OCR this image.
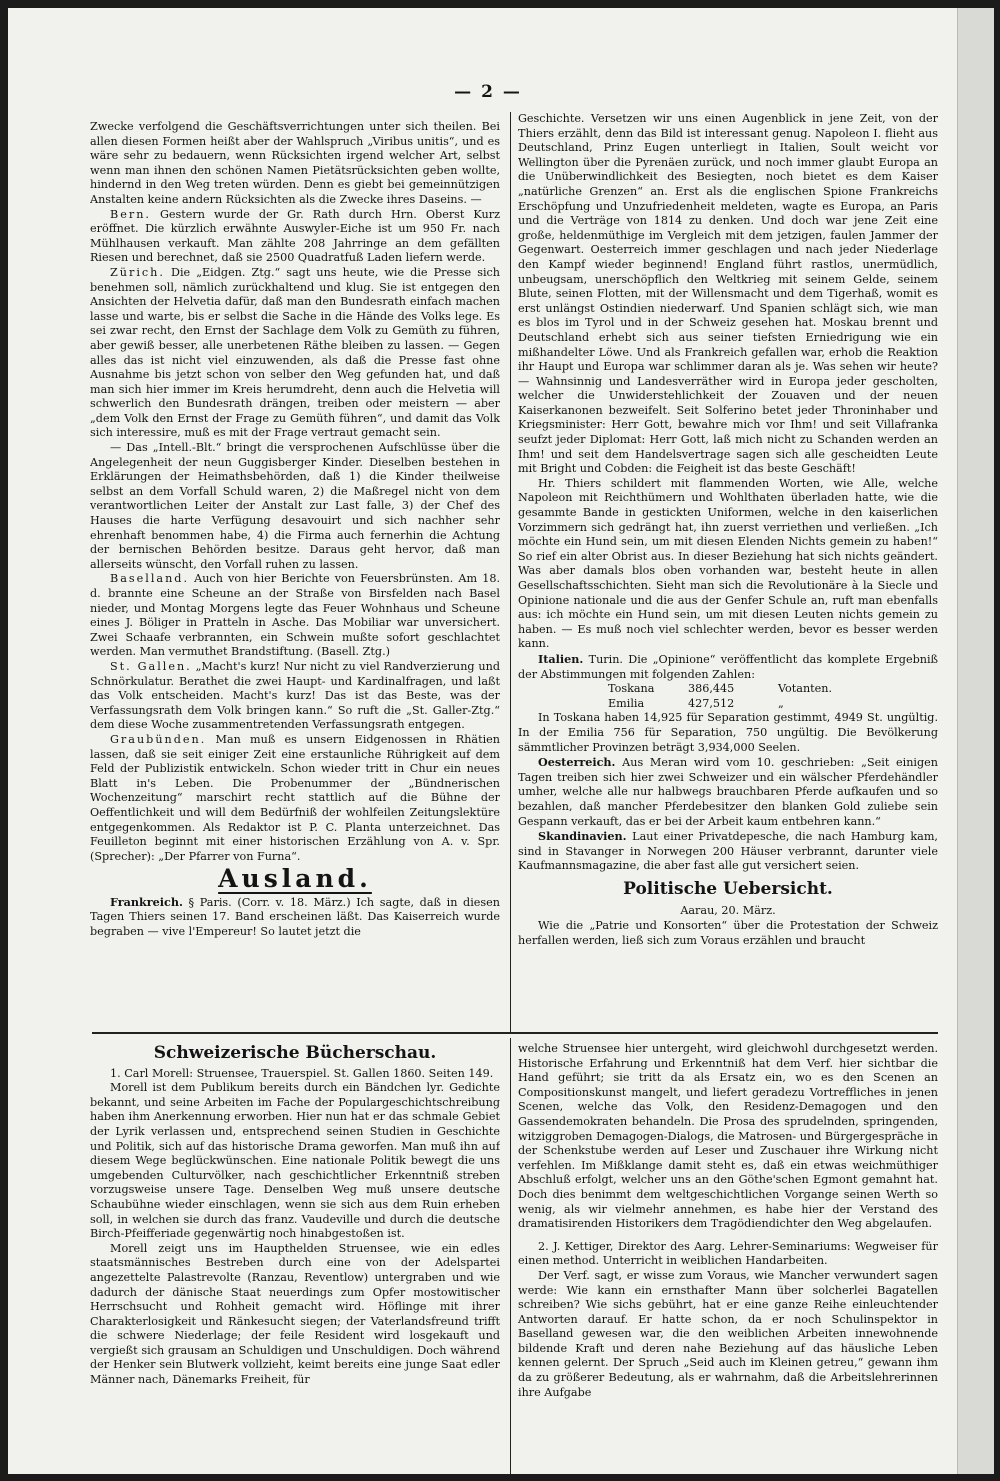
— 2 —

Zwecke verfolgend die Geschäftsverrichtungen unter sich theilen. Bei allen diesen Formen heißt aber der Wahlspruch „Viribus unitis“, und es wäre sehr zu bedauern, wenn Rücksichten irgend welcher Art, selbst wenn man ihnen den schönen Namen Pietätsrücksichten geben wollte, hindernd in den Weg treten würden. Denn es giebt bei gemeinnützigen Anstalten keine andern Rücksichten als die Zwecke ihres Daseins. —

Bern. Gestern wurde der Gr. Rath durch Hrn. Oberst Kurz eröffnet. Die kürzlich erwähnte Auswyler-Eiche ist um 950 Fr. nach Mühlhausen verkauft. Man zählte 208 Jahrringe an dem gefällten Riesen und berechnet, daß sie 2500 Quadratfuß Laden liefern werde.

Zürich. Die „Eidgen. Ztg.“ sagt uns heute, wie die Presse sich benehmen soll, nämlich zurückhaltend und klug. Sie ist entgegen den Ansichten der Helvetia dafür, daß man den Bundesrath einfach machen lasse und warte, bis er selbst die Sache in die Hände des Volks lege. Es sei zwar recht, den Ernst der Sachlage dem Volk zu Gemüth zu führen, aber gewiß besser, alle unerbetenen Räthe bleiben zu lassen. — Gegen alles das ist nicht viel einzuwenden, als daß die Presse fast ohne Ausnahme bis jetzt schon von selber den Weg gefunden hat, und daß man sich hier immer im Kreis herumdreht, denn auch die Helvetia will schwerlich den Bundesrath drängen, treiben oder meistern — aber „dem Volk den Ernst der Frage zu Gemüth führen“, und damit das Volk sich interessire, muß es mit der Frage vertraut gemacht sein.

— Das „Intell.-Blt.“ bringt die versprochenen Aufschlüsse über die Angelegenheit der neun Guggisberger Kinder. Dieselben bestehen in Erklärungen der Heimathsbehörden, daß 1) die Kinder theilweise selbst an dem Vorfall Schuld waren, 2) die Maßregel nicht von dem verantwortlichen Leiter der Anstalt zur Last falle, 3) der Chef des Hauses die harte Verfügung desavouirt und sich nachher sehr ehrenhaft benommen habe, 4) die Firma auch fernerhin die Achtung der bernischen Behörden besitze. Daraus geht hervor, daß man allerseits wünscht, den Vorfall ruhen zu lassen.

Baselland. Auch von hier Berichte von Feuersbrünsten. Am 18. d. brannte eine Scheune an der Straße von Birsfelden nach Basel nieder, und Montag Morgens legte das Feuer Wohnhaus und Scheune eines J. Böliger in Pratteln in Asche. Das Mobiliar war unversichert. Zwei Schaafe verbrannten, ein Schwein mußte sofort geschlachtet werden. Man vermuthet Brandstiftung. (Basell. Ztg.)

St. Gallen. „Macht's kurz! Nur nicht zu viel Randverzierung und Schnörkulatur. Berathet die zwei Haupt- und Kardinalfragen, und laßt das Volk entscheiden. Macht's kurz! Das ist das Beste, was der Verfassungsrath dem Volk bringen kann.“ So ruft die „St. Galler-Ztg.“ dem diese Woche zusammentretenden Verfassungsrath entgegen.

Graubünden. Man muß es unsern Eidgenossen in Rhätien lassen, daß sie seit einiger Zeit eine erstaunliche Rührigkeit auf dem Feld der Publizistik entwickeln. Schon wieder tritt in Chur ein neues Blatt in's Leben. Die Probenummer der „Bündnerischen Wochenzeitung“ marschirt recht stattlich auf die Bühne der Oeffentlichkeit und will dem Bedürfniß der wohlfeilen Zeitungslektüre entgegenkommen. Als Redaktor ist P. C. Planta unterzeichnet. Das Feuilleton beginnt mit einer historischen Erzählung von A. v. Spr. (Sprecher): „Der Pfarrer von Furna“.

Ausland.

Frankreich. § Paris. (Corr. v. 18. März.) Ich sagte, daß in diesen Tagen Thiers seinen 17. Band erscheinen läßt. Das Kaiserreich wurde begraben — vive l'Empereur! So lautet jetzt die

Geschichte. Versetzen wir uns einen Augenblick in jene Zeit, von der Thiers erzählt, denn das Bild ist interessant genug. Napoleon I. flieht aus Deutschland, Prinz Eugen unterliegt in Italien, Soult weicht vor Wellington über die Pyrenäen zurück, und noch immer glaubt Europa an die Unüberwindlichkeit des Besiegten, noch bietet es dem Kaiser „natürliche Grenzen“ an. Erst als die englischen Spione Frankreichs Erschöpfung und Unzufriedenheit meldeten, wagte es Europa, an Paris und die Verträge von 1814 zu denken. Und doch war jene Zeit eine große, heldenmüthige im Vergleich mit dem jetzigen, faulen Jammer der Gegenwart. Oesterreich immer geschlagen und nach jeder Niederlage den Kampf wieder beginnend! England führt rastlos, unermüdlich, unbeugsam, unerschöpflich den Weltkrieg mit seinem Gelde, seinem Blute, seinen Flotten, mit der Willensmacht und dem Tigerhaß, womit es erst unlängst Ostindien niederwarf. Und Spanien schlägt sich, wie man es blos im Tyrol und in der Schweiz gesehen hat. Moskau brennt und Deutschland erhebt sich aus seiner tiefsten Erniedrigung wie ein mißhandelter Löwe. Und als Frankreich gefallen war, erhob die Reaktion ihr Haupt und Europa war schlimmer daran als je. Was sehen wir heute? — Wahnsinnig und Landesverräther wird in Europa jeder gescholten, welcher die Unwiderstehlichkeit der Zouaven und der neuen Kaiserkanonen bezweifelt. Seit Solferino betet jeder Throninhaber und Kriegsminister: Herr Gott, bewahre mich vor Ihm! und seit Villafranka seufzt jeder Diplomat: Herr Gott, laß mich nicht zu Schanden werden an Ihm! und seit dem Handelsvertrage sagen sich alle gescheidten Leute mit Bright und Cobden: die Feigheit ist das beste Geschäft!

Hr. Thiers schildert mit flammenden Worten, wie Alle, welche Napoleon mit Reichthümern und Wohlthaten überladen hatte, wie die gesammte Bande in gestickten Uniformen, welche in den kaiserlichen Vorzimmern sich gedrängt hat, ihn zuerst verriethen und verließen. „Ich möchte ein Hund sein, um mit diesen Elenden Nichts gemein zu haben!“ So rief ein alter Obrist aus. In dieser Beziehung hat sich nichts geändert. Was aber damals blos oben vorhanden war, besteht heute in allen Gesellschaftsschichten. Sieht man sich die Revolutionäre à la Siecle und Opinione nationale und die aus der Genfer Schule an, ruft man ebenfalls aus: ich möchte ein Hund sein, um mit diesen Leuten nichts gemein zu haben. — Es muß noch viel schlechter werden, bevor es besser werden kann.

Italien. Turin. Die „Opinione“ veröffentlicht das komplete Ergebniß der Abstimmungen mit folgenden Zahlen:

Toskana	386,445	Votanten.
Emilia	427,512	„

In Toskana haben 14,925 für Separation gestimmt, 4949 St. ungültig. In der Emilia 756 für Separation, 750 ungültig. Die Bevölkerung sämmtlicher Provinzen beträgt 3,934,000 Seelen.

Oesterreich. Aus Meran wird vom 10. geschrieben: „Seit einigen Tagen treiben sich hier zwei Schweizer und ein wälscher Pferdehändler umher, welche alle nur halbwegs brauchbaren Pferde aufkaufen und so bezahlen, daß mancher Pferdebesitzer den blanken Gold zuliebe sein Gespann verkauft, das er bei der Arbeit kaum entbehren kann.“

Skandinavien. Laut einer Privatdepesche, die nach Hamburg kam, sind in Stavanger in Norwegen 200 Häuser verbrannt, darunter viele Kaufmannsmagazine, die aber fast alle gut versichert seien.

Politische Uebersicht.
Aarau, 20. März.

Wie die „Patrie und Konsorten“ über die Protestation der Schweiz herfallen werden, ließ sich zum Voraus erzählen und braucht

Schweizerische Bücherschau.

1. Carl Morell: Struensee, Trauerspiel. St. Gallen 1860. Seiten 149.

Morell ist dem Publikum bereits durch ein Bändchen lyr. Gedichte bekannt, und seine Arbeiten im Fache der Populargeschichtschreibung haben ihm Anerkennung erworben. Hier nun hat er das schmale Gebiet der Lyrik verlassen und, entsprechend seinen Studien in Geschichte und Politik, sich auf das historische Drama geworfen. Man muß ihn auf diesem Wege beglückwünschen. Eine nationale Politik bewegt die uns umgebenden Culturvölker, nach geschichtlicher Erkenntniß streben vorzugsweise unsere Tage. Denselben Weg muß unsere deutsche Schaubühne wieder einschlagen, wenn sie sich aus dem Ruin erheben soll, in welchen sie durch das franz. Vaudeville und durch die deutsche Birch-Pfeifferiade gegenwärtig noch hinabgestoßen ist.

Morell zeigt uns im Haupthelden Struensee, wie ein edles staatsmännisches Bestreben durch eine von der Adelspartei angezettelte Palastrevolte (Ranzau, Reventlow) untergraben und wie dadurch der dänische Staat neuerdings zum Opfer mostowitischer Herrschsucht und Rohheit gemacht wird. Höflinge mit ihrer Charakterlosigkeit und Ränkesucht siegen; der Vaterlandsfreund trifft die schwere Niederlage; der feile Resident wird losgekauft und vergießt sich grausam an Schuldigen und Unschuldigen. Doch während der Henker sein Blutwerk vollzieht, keimt bereits eine junge Saat edler Männer nach, Dänemarks Freiheit, für

welche Struensee hier untergeht, wird gleichwohl durchgesetzt werden. Historische Erfahrung und Erkenntniß hat dem Verf. hier sichtbar die Hand geführt; sie tritt da als Ersatz ein, wo es den Scenen an Compositionskunst mangelt, und liefert geradezu Vortreffliches in jenen Scenen, welche das Volk, den Residenz-Demagogen und den Gassendemokraten behandeln. Die Prosa des sprudelnden, springenden, witziggroben Demagogen-Dialogs, die Matrosen- und Bürgergespräche in der Schenkstube werden auf Leser und Zuschauer ihre Wirkung nicht verfehlen. Im Mißklange damit steht es, daß ein etwas weichmüthiger Abschluß erfolgt, welcher uns an den Göthe'schen Egmont gemahnt hat. Doch dies benimmt dem weltgeschichtlichen Vorgange seinen Werth so wenig, als wir vielmehr annehmen, es habe hier der Verstand des dramatisirenden Historikers dem Tragödiendichter den Weg abgelaufen.

2. J. Kettiger, Direktor des Aarg. Lehrer-Seminariums: Wegweiser für einen method. Unterricht in weiblichen Handarbeiten.

Der Verf. sagt, er wisse zum Voraus, wie Mancher verwundert sagen werde: Wie kann ein ernsthafter Mann über solcherlei Bagatellen schreiben? Wie sichs gebührt, hat er eine ganze Reihe einleuchtender Antworten darauf. Er hatte schon, da er noch Schulinspektor in Baselland gewesen war, die den weiblichen Arbeiten innewohnende bildende Kraft und deren nahe Beziehung auf das häusliche Leben kennen gelernt. Der Spruch „Seid auch im Kleinen getreu,“ gewann ihm da zu größerer Bedeutung, als er wahrnahm, daß die Arbeitslehrerinnen ihre Aufgabe
